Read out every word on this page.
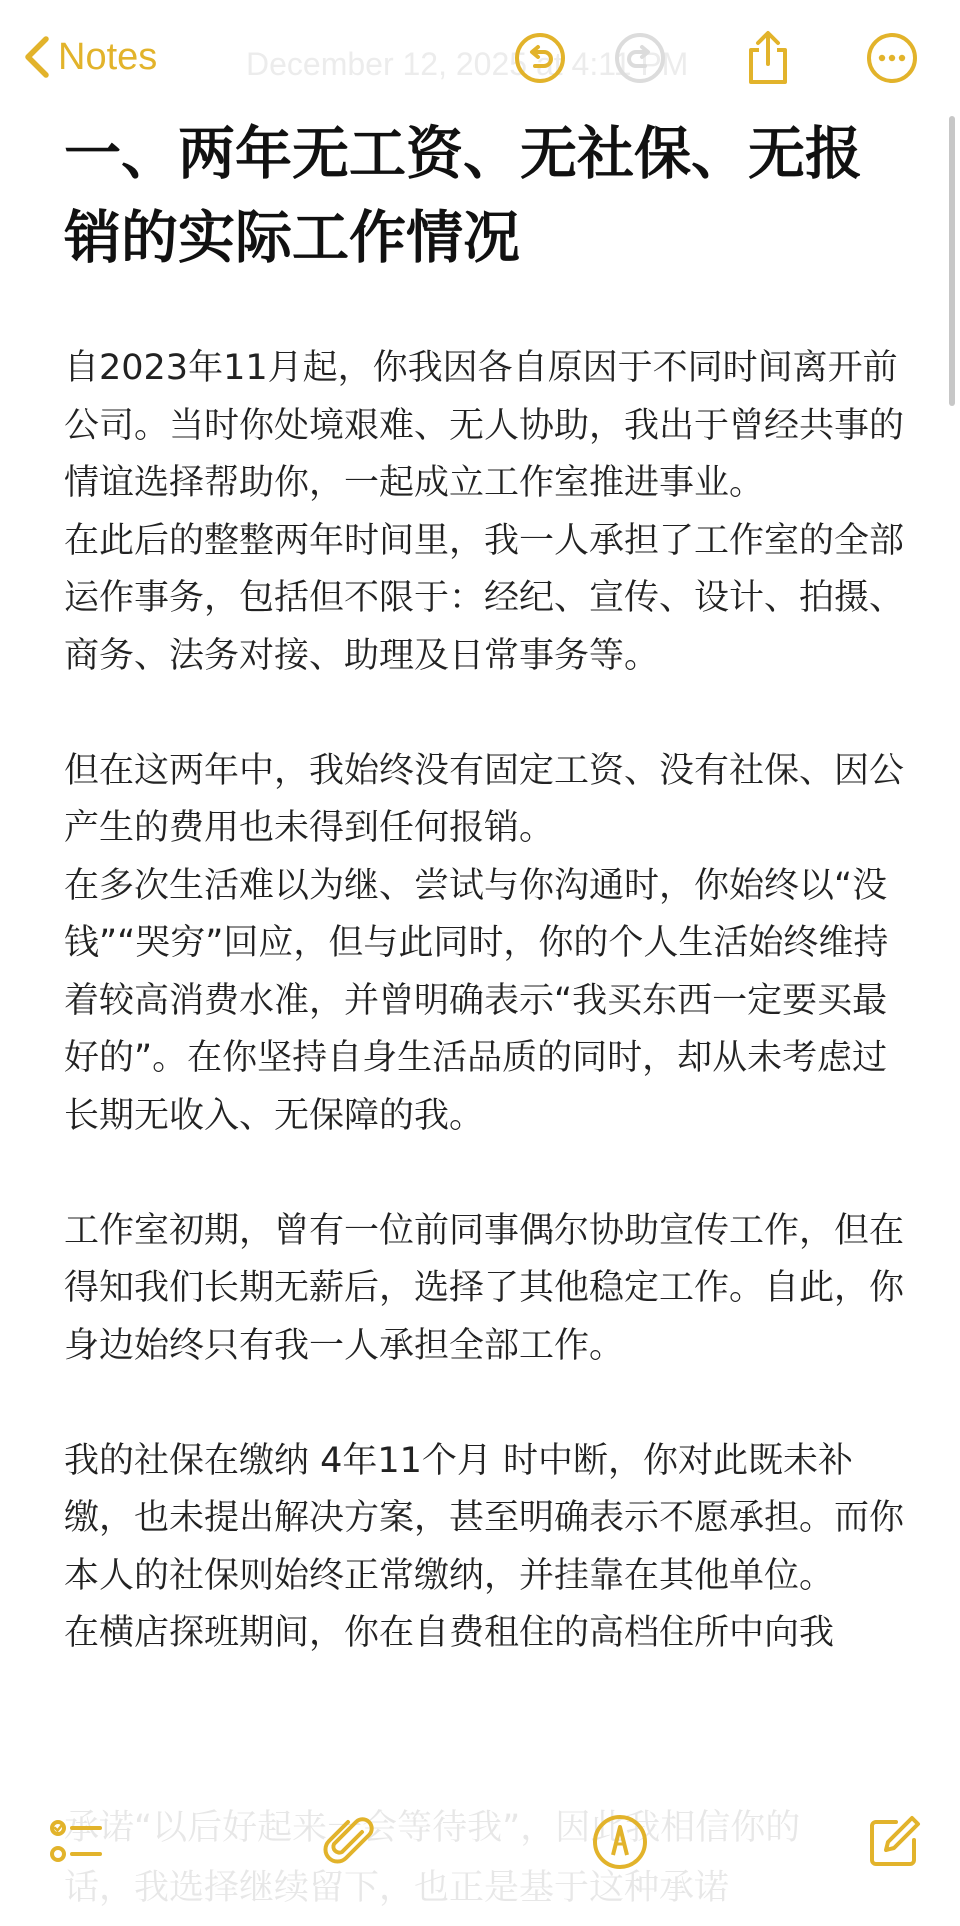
Notes	December 12, 2025 at 4:11 PM
一、两年无工资、无社保、无报销的实际工作情况

自2023年11月起，你我因各自原因于不同时间离开前公司。当时你处境艰难、无人协助，我出于曾经共事的情谊选择帮助你，一起成立工作室推进事业。

在此后的整整两年时间里，我一人承担了工作室的全部运作事务，包括但不限于：经纪、宣传、设计、拍摄、商务、法务对接、助理及日常事务等。

但在这两年中，我始终没有固定工资、没有社保、因公产生的费用也未得到任何报销。

在多次生活难以为继、尝试与你沟通时，你始终以“没钱”“哭穷”回应，但与此同时，你的个人生活始终维持着较高消费水准，并曾明确表示“我买东西一定要买最好的”。在你坚持自身生活品质的同时，却从未考虑过长期无收入、无保障的我。

工作室初期，曾有一位前同事偶尔协助宣传工作，但在得知我们长期无薪后，选择了其他稳定工作。自此，你身边始终只有我一人承担全部工作。

我的社保在缴纳 4年11个月 时中断，你对此既未补缴，也未提出解决方案，甚至明确表示不愿承担。而你本人的社保则始终正常缴纳，并挂靠在其他单位。

在横店探班期间，你在自费租住的高档住所中向我
